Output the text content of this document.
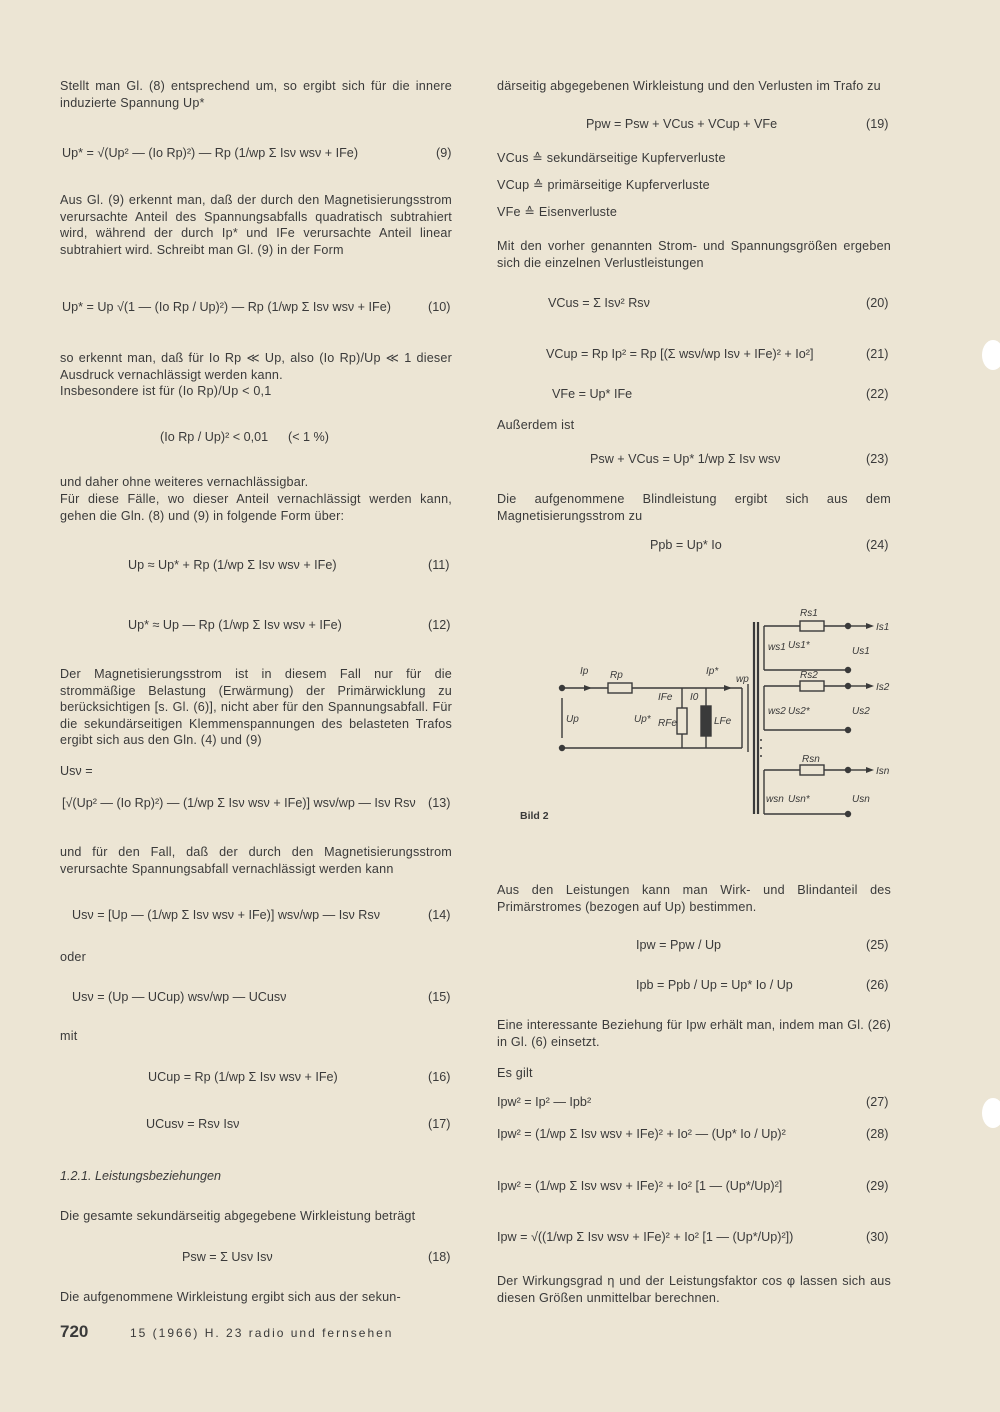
Stellt man Gl. (8) entsprechend um, so ergibt sich für die innere induzierte Spannung Up*
Up* = √(Up² — (Io Rp)²) — Rp (1/wp Σ Isν wsν + IFe)	(9)
Aus Gl. (9) erkennt man, daß der durch den Magnetisierungsstrom verursachte Anteil des Spannungsabfalls quadratisch subtrahiert wird, während der durch Ip* und IFe verursachte Anteil linear subtrahiert wird. Schreibt man Gl. (9) in der Form
Up* = Up √(1 — (Io Rp / Up)²) — Rp (1/wp Σ Isν wsν + IFe)	(10)
so erkennt man, daß für Io Rp ≪ Up, also (Io Rp)/Up ≪ 1 dieser Ausdruck vernachlässigt werden kann.
Insbesondere ist für (Io Rp)/Up < 0,1
(Io Rp / Up)² < 0,01 (< 1 %)
und daher ohne weiteres vernachlässigbar.
Für diese Fälle, wo dieser Anteil vernachlässigt werden kann, gehen die Gln. (8) und (9) in folgende Form über:
Up ≈ Up* + Rp (1/wp Σ Isν wsν + IFe)	(11)
Up* ≈ Up — Rp (1/wp Σ Isν wsν + IFe)	(12)
Der Magnetisierungsstrom ist in diesem Fall nur für die strommäßige Belastung (Erwärmung) der Primärwicklung zu berücksichtigen [s. Gl. (6)], nicht aber für den Spannungsabfall. Für die sekundärseitigen Klemmenspannungen des belasteten Trafos ergibt sich aus den Gln. (4) und (9)
Usν =
[√(Up² — (Io Rp)²) — (1/wp Σ Isν wsν + IFe)] wsν/wp — Isν Rsν (13)
und für den Fall, daß der durch den Magnetisierungsstrom verursachte Spannungsabfall vernachlässigt werden kann
Usν = [Up — (1/wp Σ Isν wsν + IFe)] wsν/wp — Isν Rsν	(14)
oder
Usν = (Up — UCup) wsν/wp — UCusν	(15)
mit
UCup = Rp (1/wp Σ Isν wsν + IFe)	(16)
UCusν = Rsν Isν	(17)
1.2.1. Leistungsbeziehungen
Die gesamte sekundärseitig abgegebene Wirkleistung beträgt
Psw = Σ Usν Isν	(18)
Die aufgenommene Wirkleistung ergibt sich aus der sekun-
därseitig abgegebenen Wirkleistung und den Verlusten im Trafo zu
Ppw = Psw + VCus + VCup + VFe	(19)
VCus ≙ sekundärseitige Kupferverluste
VCup ≙ primärseitige Kupferverluste
VFe ≙ Eisenverluste
Mit den vorher genannten Strom- und Spannungsgrößen ergeben sich die einzelnen Verlustleistungen
VCus = Σ Isν² Rsν	(20)
VCup = Rp Ip² = Rp [(Σ wsν/wp Isν + IFe)² + Io²]	(21)
VFe = Up* IFe	(22)
Außerdem ist
Psw + VCus = Up* 1/wp Σ Isν wsν	(23)
Die aufgenommene Blindleistung ergibt sich aus dem Magnetisierungsstrom zu
Ppb = Up* Io	(24)
Rs1
Is1
ws1 Us1*
Us1
Ip Rp	Ip*
wp
Up	Up*
IFe I0
RFe	LFe
Rs2
Is2
ws2 Us2*	Us2
Rsn
Isn
wsn Usn*	Usn
Bild 2
Aus den Leistungen kann man Wirk- und Blindanteil des Primärstromes (bezogen auf Up) bestimmen.
Ipw = Ppw / Up	(25)
Ipb = Ppb / Up = Up* Io / Up	(26)
Eine interessante Beziehung für Ipw erhält man, indem man Gl. (26) in Gl. (6) einsetzt.
Es gilt
Ipw² = Ip² — Ipb²	(27)
Ipw² = (1/wp Σ Isν wsν + IFe)² + Io² — (Up* Io / Up)²	(28)
Ipw² = (1/wp Σ Isν wsν + IFe)² + Io² [1 — (Up*/Up)²]	(29)
Ipw = √((1/wp Σ Isν wsν + IFe)² + Io² [1 — (Up*/Up)²])	(30)
Der Wirkungsgrad η und der Leistungsfaktor cos φ lassen sich aus diesen Größen unmittelbar berechnen.
720	15 (1966) H. 23 radio und fernsehen
